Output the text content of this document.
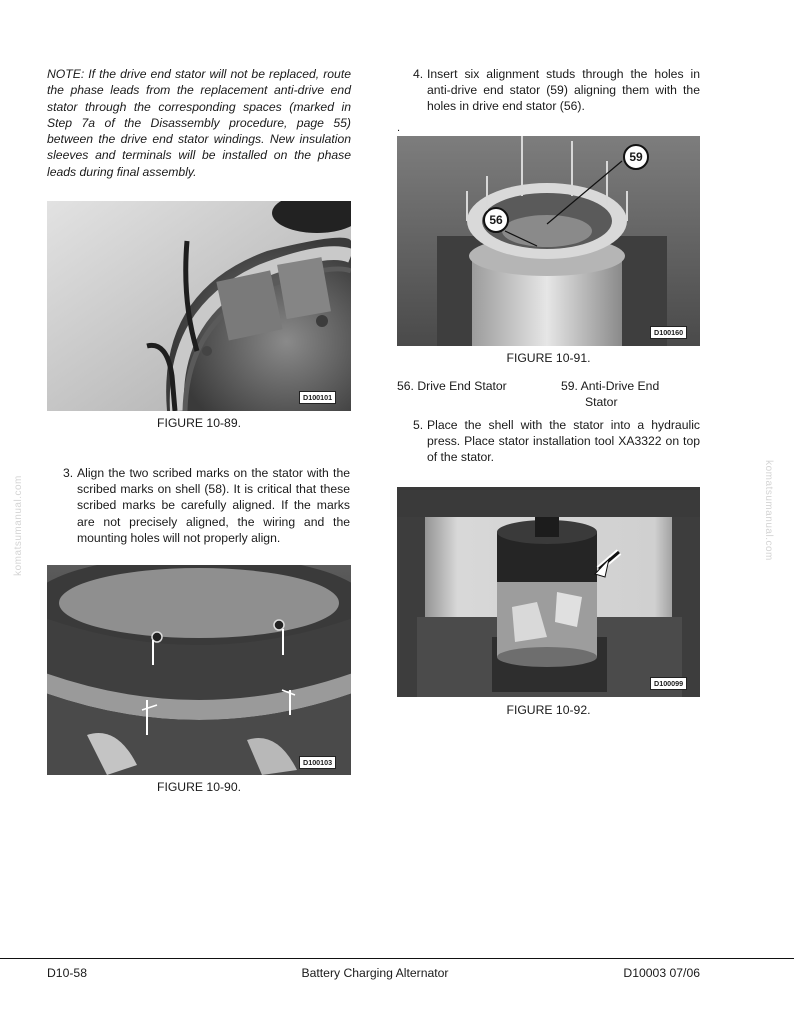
NOTE: If the drive end stator will not be replaced, route the phase leads from the replacement anti-drive end stator through the corresponding spaces (marked in Step 7a of the Disassembly procedure, page 55) between the drive end stator windings. New insulation sleeves and terminals will be installed on the phase leads during final assembly.
D100101
FIGURE 10-89.
3. Align the two scribed marks on the stator with the scribed marks on shell (58). It is critical that these scribed marks be carefully aligned. If the marks are not precisely aligned, the wiring and the mounting holes will not properly align.
D100103
FIGURE 10-90.
4. Insert six alignment studs through the holes in anti-drive end stator (59) aligning them with the holes in drive end stator (56).
.
59
56
D100160
FIGURE 10-91.
56. Drive End Stator	59. Anti-Drive End
Stator
5. Place the shell with the stator into a hydraulic press. Place stator installation tool XA3322 on top of the stator.
D100099
FIGURE 10-92.
komatsumanual.com	komatsumanual.com
D10-58	Battery Charging Alternator	D10003 07/06
